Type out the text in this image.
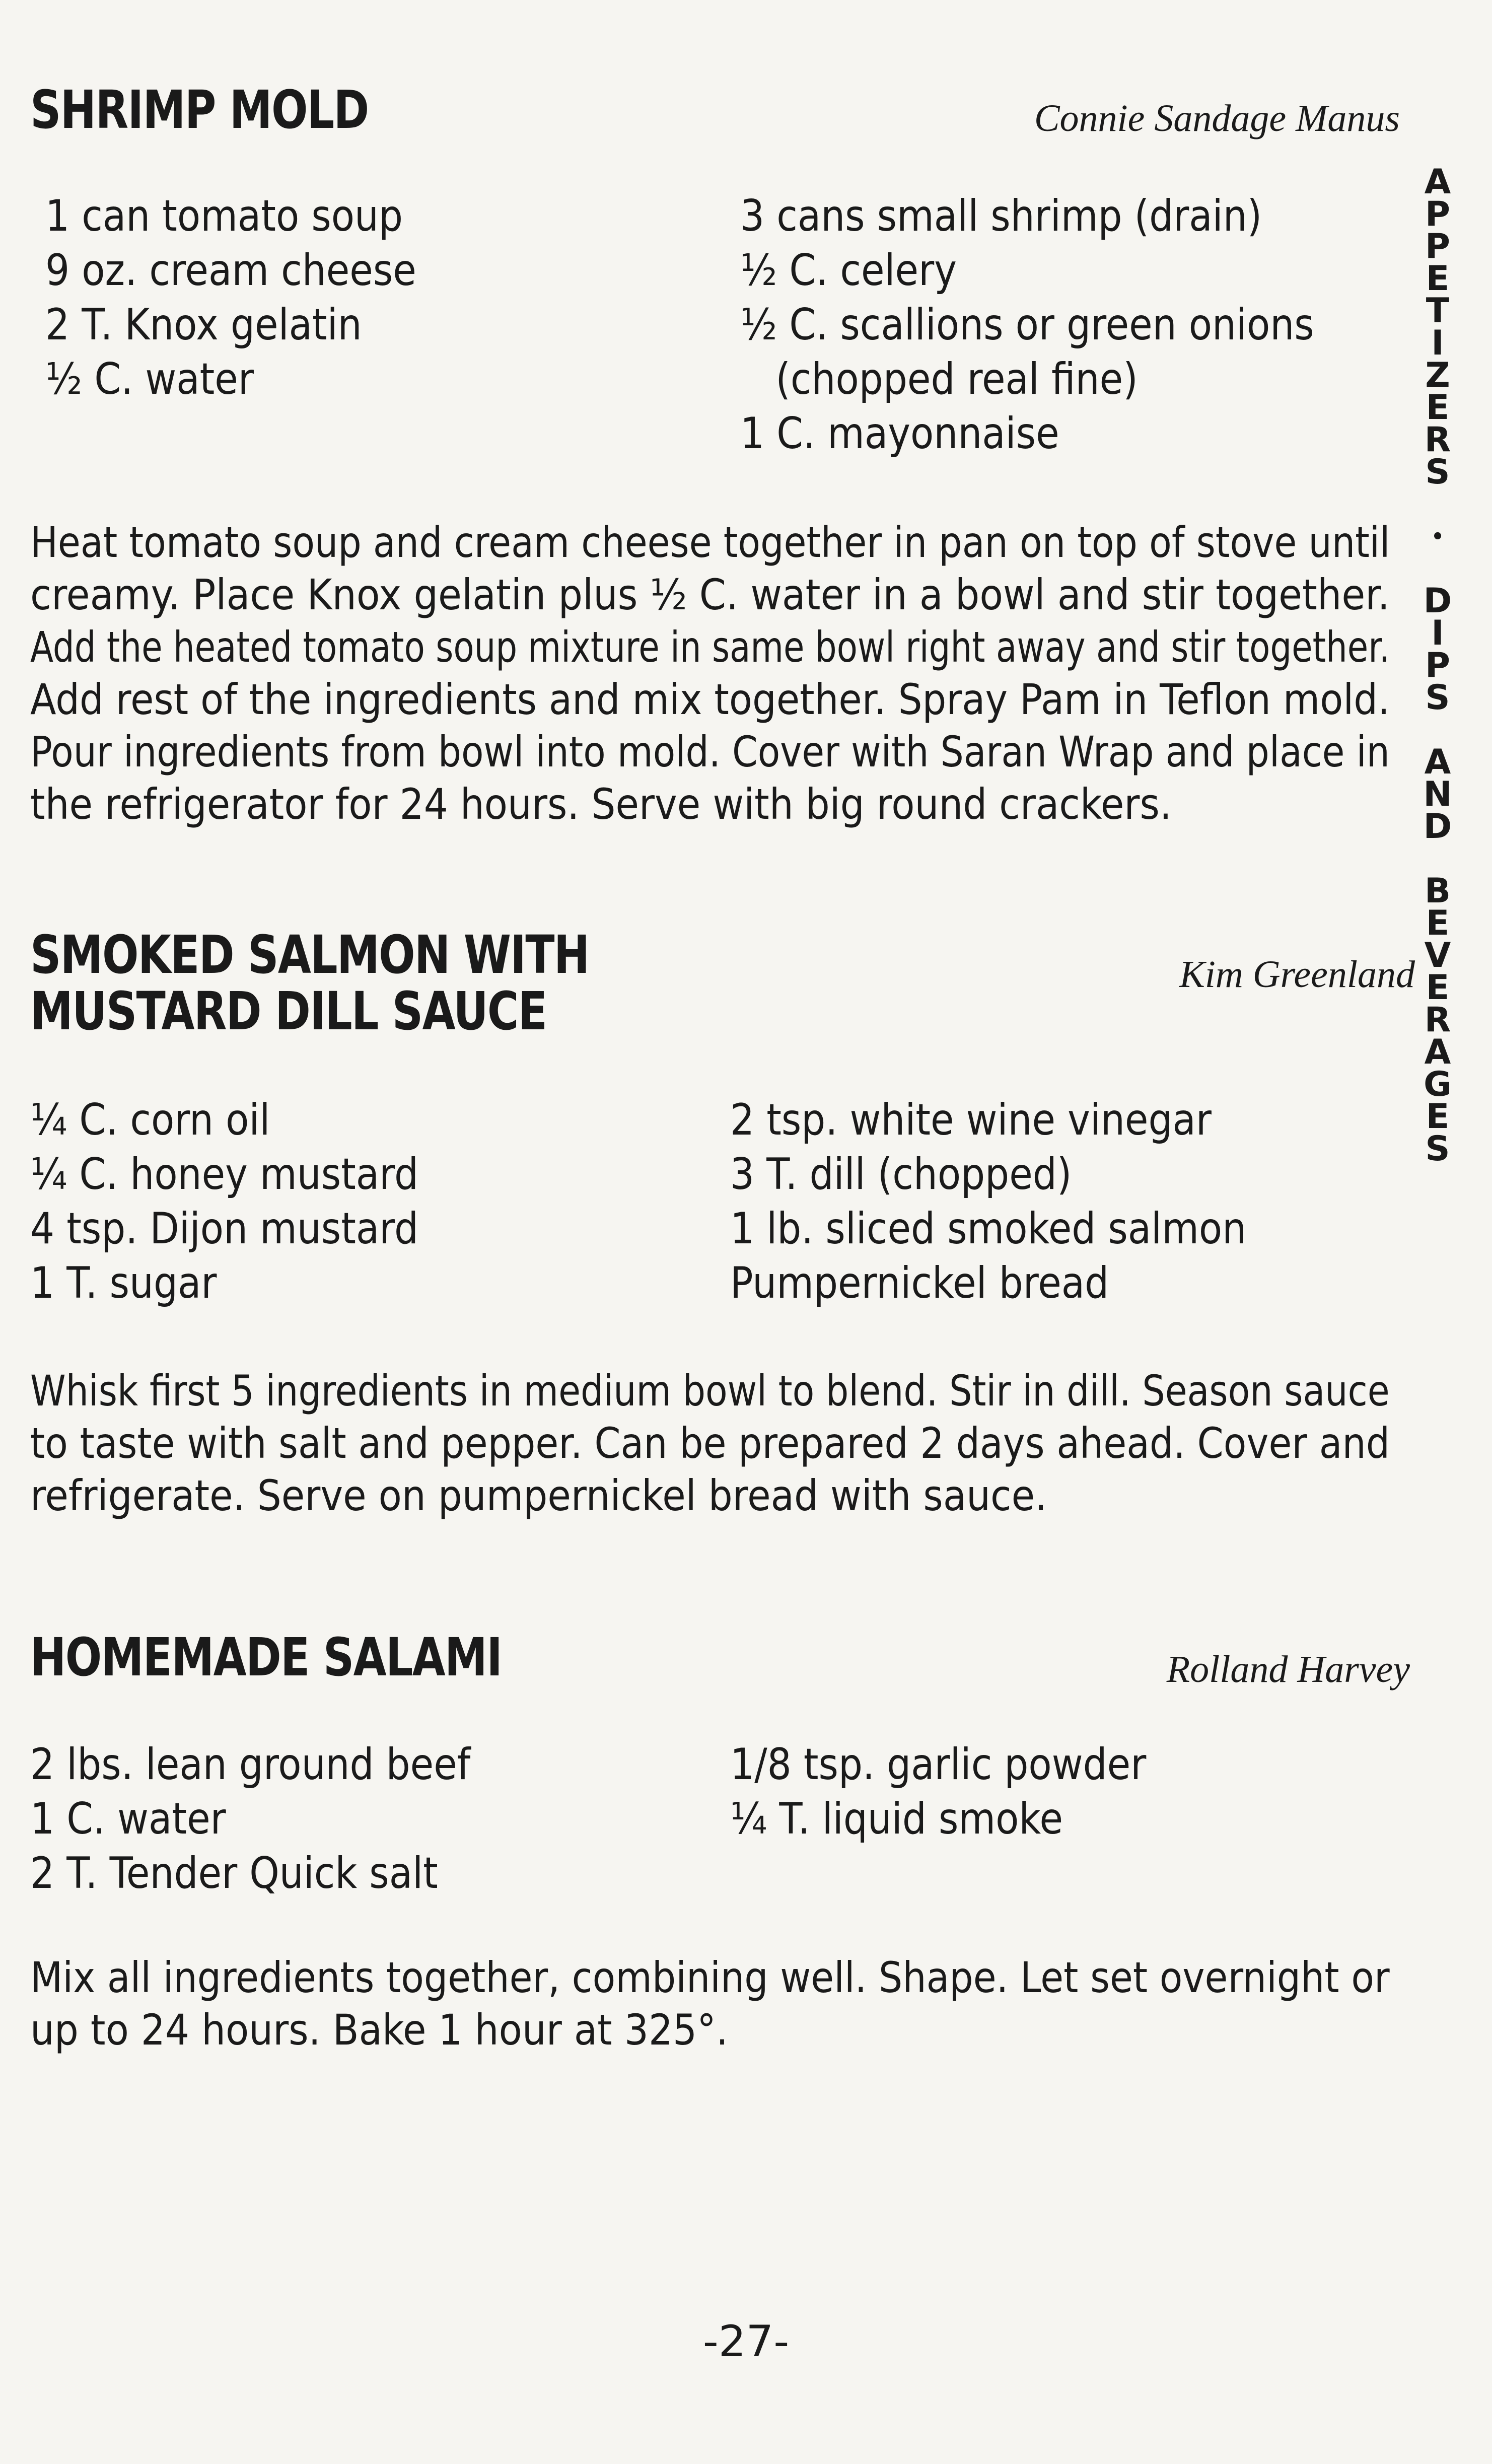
SHRIMP MOLD	Connie Sandage Manus
1 can tomato soup
9 oz. cream cheese
2 T. Knox gelatin
½ C. water
3 cans small shrimp (drain)
½ C. celery
½ C. scallions or green onions
(chopped real fine)
1 C. mayonnaise
Heat tomato soup and cream cheese together in pan on top of stove until
creamy. Place Knox gelatin plus ½ C. water in a bowl and stir together.
Add the heated tomato soup mixture in same bowl right away and stir together.
Add rest of the ingredients and mix together. Spray Pam in Teflon mold.
Pour ingredients from bowl into mold. Cover with Saran Wrap and place in
the refrigerator for 24 hours. Serve with big round crackers.
SMOKED SALMON WITH
MUSTARD DILL SAUCE
Kim Greenland
¼ C. corn oil
¼ C. honey mustard
4 tsp. Dijon mustard
1 T. sugar
2 tsp. white wine vinegar
3 T. dill (chopped)
1 lb. sliced smoked salmon
Pumpernickel bread
Whisk first 5 ingredients in medium bowl to blend. Stir in dill. Season sauce
to taste with salt and pepper. Can be prepared 2 days ahead. Cover and
refrigerate. Serve on pumpernickel bread with sauce.
HOMEMADE SALAMI	Rolland Harvey
2 lbs. lean ground beef
1 C. water
2 T. Tender Quick salt
1/8 tsp. garlic powder
¼ T. liquid smoke
Mix all ingredients together, combining well. Shape. Let set overnight or
up to 24 hours. Bake 1 hour at 325°.
A
P
P
E
T
I
Z
E
R
S
•
D
I
P
S
A
N
D
B
E
V
E
R
A
G
E
S
-27-
